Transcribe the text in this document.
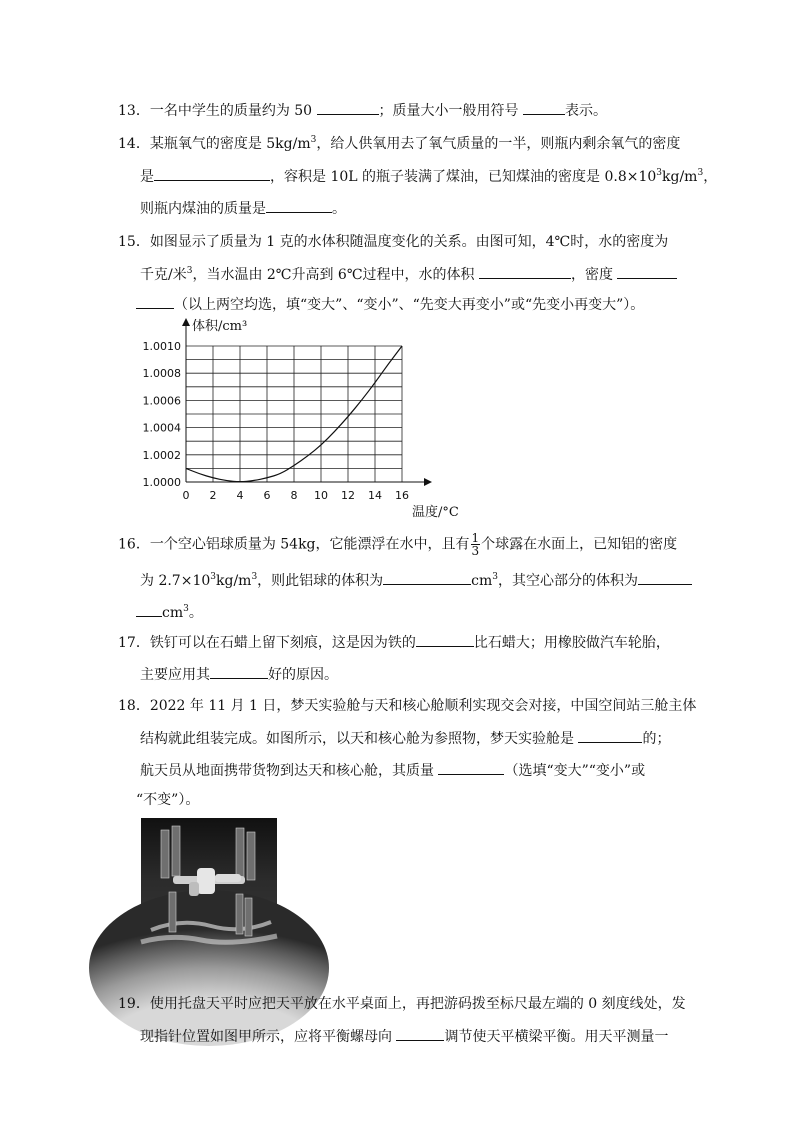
13．一名中学生的质量约为 50	；质量大小一般用符号	表示。
14．某瓶氧气的密度是 $5kg/m^3$，给人供氧用去了氧气质量的一半，则瓶内剩余氧气的密度
是	，容积是 10L 的瓶子装满了煤油，已知煤油的密度是 $0.8\times 10^3kg/m^3$，
则瓶内煤油的质量是	。
15．如图显示了质量为 1 克的水体积随温度变化的关系。由图可知，4℃时，水的密度为
千克/米$^3$，当水温由 2℃升高到 6℃过程中，水的体积	，密度
（以上两空均选，填“变大”、“变小”、“先变大再变小”或“先变小再变大”）。
0 2 4 6 8 10 12 14 16
1.0000
1.0002
1.0004
1.0006
1.0008
1.0010
体积/cm³
温度/°C
16．一个空心铝球质量为 54kg，它能漂浮在水中，且有 $\frac{1}{3}$ 个球露在水面上，已知铝的密度
为 $2.7\times 10^3kg/m^3$，则此铝球的体积为	$cm^3$，其空心部分的体积为
$cm^3$。
17．铁钉可以在石蜡上留下刻痕，这是因为铁的	比石蜡大；用橡胶做汽车轮胎，
主要应用其	好的原因。
18．2022 年 11 月 1 日，梦天实验舱与天和核心舱顺利实现交会对接，中国空间站三舱主体
结构就此组装完成。如图所示，以天和核心舱为参照物，梦天实验舱是	的；
航天员从地面携带货物到达天和核心舱，其质量	（选填“变大”“变小”或
“不变”）。
19．使用托盘天平时应把天平放在水平桌面上，再把游码拨至标尺最左端的 0 刻度线处，发
现指针位置如图甲所示，应将平衡螺母向	调节使天平横梁平衡。用天平测量一
